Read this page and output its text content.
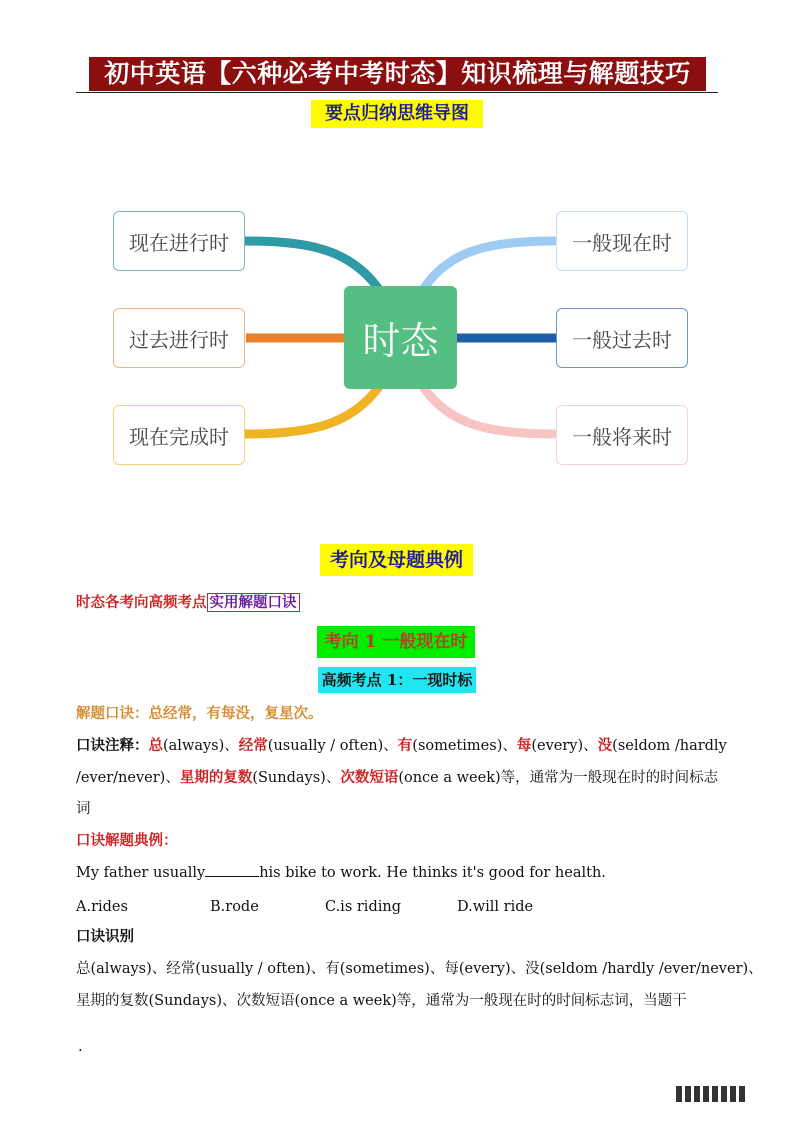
初中英语【六种必考中考时态】知识梳理与解题技巧
要点归纳思维导图
现在进行时
过去进行时
现在完成时
一般现在时
一般过去时
一般将来时
时态
考向及母题典例
时态各考向高频考点 实用解题口诀
考向 1 一般现在时
高频考点 1：一现时标
解题口诀：总经常，有每没，复星次。
口诀注释：总(always)、经常(usually / often)、有(sometimes)、每(every)、没(seldom /hardly
/ever/never)、星期的复数(Sundays)、次数短语(once a week)等，通常为一般现在时的时间标志
词
口诀解题典例：
My father usually	his bike to work. He thinks it's good for health.
A.rides	B.rode	C.is riding	D.will ride
口诀识别
总(always)、经常(usually / often)、有(sometimes)、每(every)、没(seldom /hardly /ever/never)、
星期的复数(Sundays)、次数短语(once a week)等，通常为一般现在时的时间标志词，当题干
.
